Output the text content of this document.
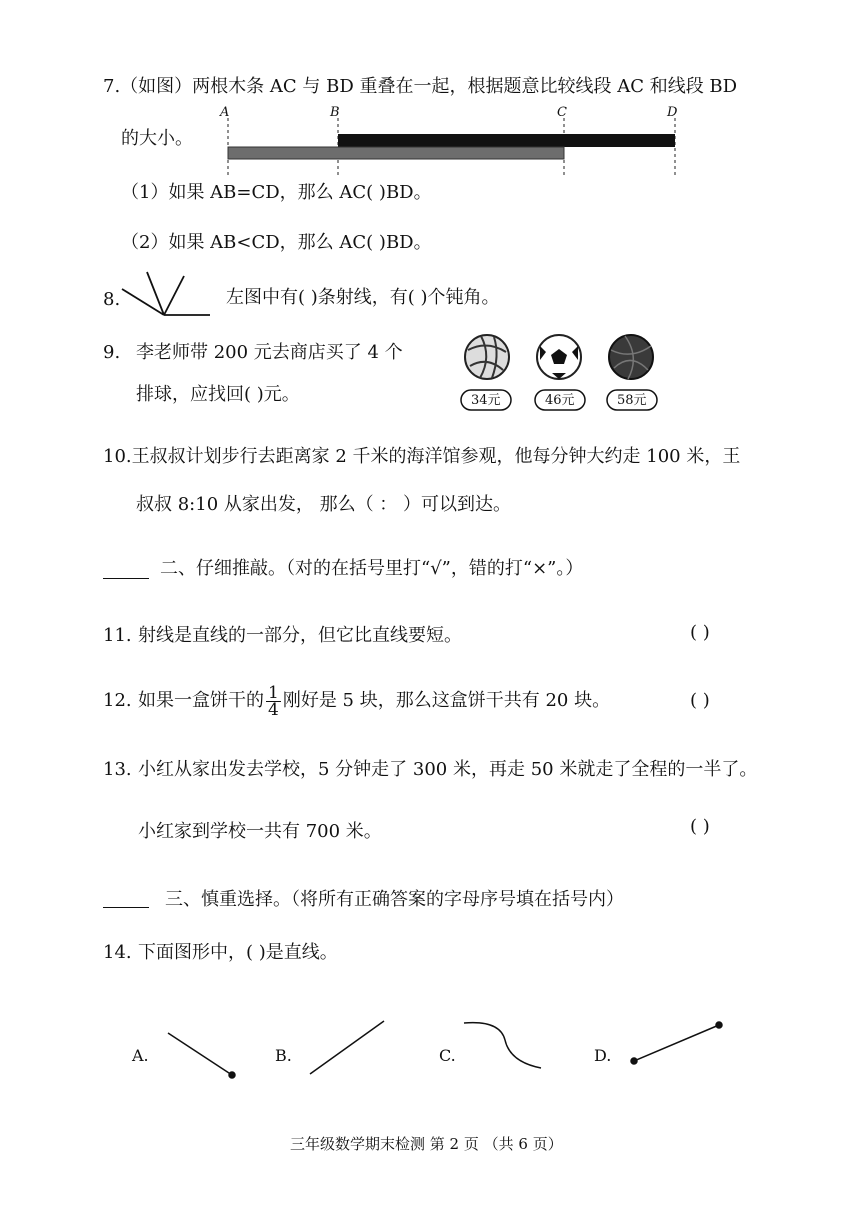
7.（如图）两根木条 AC 与 BD 重叠在一起，根据题意比较线段 AC 和线段 BD
的大小。
A	B	C	D
（1）如果 AB=CD，那么 AC( )BD。
（2）如果 AB<CD，那么 AC( )BD。
8.	左图中有( )条射线，有( )个钝角。
9. 李老师带 200 元去商店买了 4 个
排球，应找回( )元。	34元	46元	58元
10.王叔叔计划步行去距离家 2 千米的海洋馆参观，他每分钟大约走 100 米，王
叔叔 8:10 从家出发， 那么（ ： ）可以到达。
二、仔细推敲。（对的在括号里打“√”，错的打“×”。）
11. 射线是直线的一部分，但它比直线要短。	( )
12. 如果一盒饼干的 $\frac{1}{4}$ 刚好是 5 块，那么这盒饼干共有 20 块。	( )
13. 小红从家出发去学校，5 分钟走了 300 米，再走 50 米就走了全程的一半了。
小红家到学校一共有 700 米。	( )
三、慎重选择。（将所有正确答案的字母序号填在括号内）
14. 下面图形中，( )是直线。
A.	B.	C.	D.
三年级数学期末检测 第 2 页 （共 6 页）
